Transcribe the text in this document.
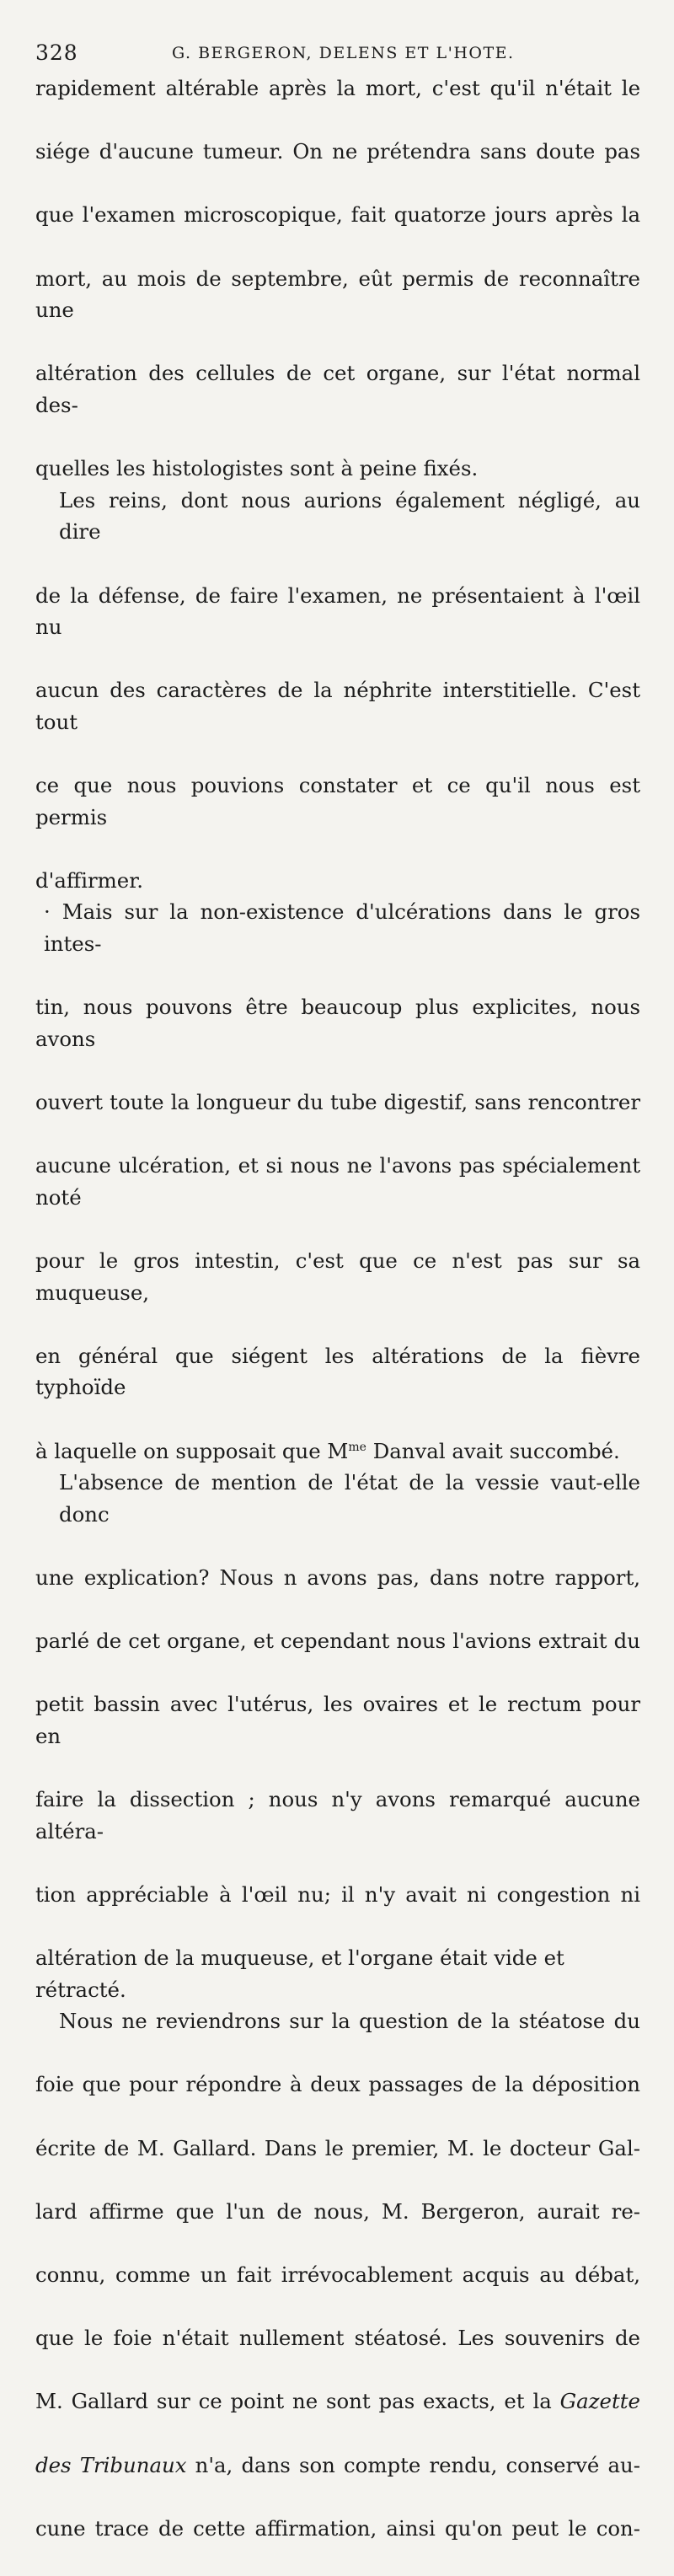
328	G. BERGERON, DELENS ET L'HOTE.

rapidement altérable après la mort, c'est qu'il n'était le
siége d'aucune tumeur. On ne prétendra sans doute pas
que l'examen microscopique, fait quatorze jours après la
mort, au mois de septembre, eût permis de reconnaître une
altération des cellules de cet organe, sur l'état normal des-
quelles les histologistes sont à peine fixés.

Les reins, dont nous aurions également négligé, au dire
de la défense, de faire l'examen, ne présentaient à l'œil nu
aucun des caractères de la néphrite interstitielle. C'est tout
ce que nous pouvions constater et ce qu'il nous est permis
d'affirmer.

· Mais sur la non-existence d'ulcérations dans le gros intes-
tin, nous pouvons être beaucoup plus explicites, nous avons
ouvert toute la longueur du tube digestif, sans rencontrer
aucune ulcération, et si nous ne l'avons pas spécialement noté
pour le gros intestin, c'est que ce n'est pas sur sa muqueuse,
en général que siégent les altérations de la fièvre typhoïde
à laquelle on supposait que $M^{me}$ Danval avait succombé.

L'absence de mention de l'état de la vessie vaut-elle donc
une explication? Nous n avons pas, dans notre rapport,
parlé de cet organe, et cependant nous l'avions extrait du
petit bassin avec l'utérus, les ovaires et le rectum pour en
faire la dissection ; nous n'y avons remarqué aucune altéra-
tion appréciable à l'œil nu; il n'y avait ni congestion ni
altération de la muqueuse, et l'organe était vide et rétracté.

Nous ne reviendrons sur la question de la stéatose du
foie que pour répondre à deux passages de la déposition
écrite de M. Gallard. Dans le premier, M. le docteur Gal-
lard affirme que l'un de nous, M. Bergeron, aurait re-
connu, comme un fait irrévocablement acquis au débat,
que le foie n'était nullement stéatosé. Les souvenirs de
M. Gallard sur ce point ne sont pas exacts, et la Gazette
des Tribunaux n'a, dans son compte rendu, conservé au-
cune trace de cette affirmation, ainsi qu'on peut le con-
